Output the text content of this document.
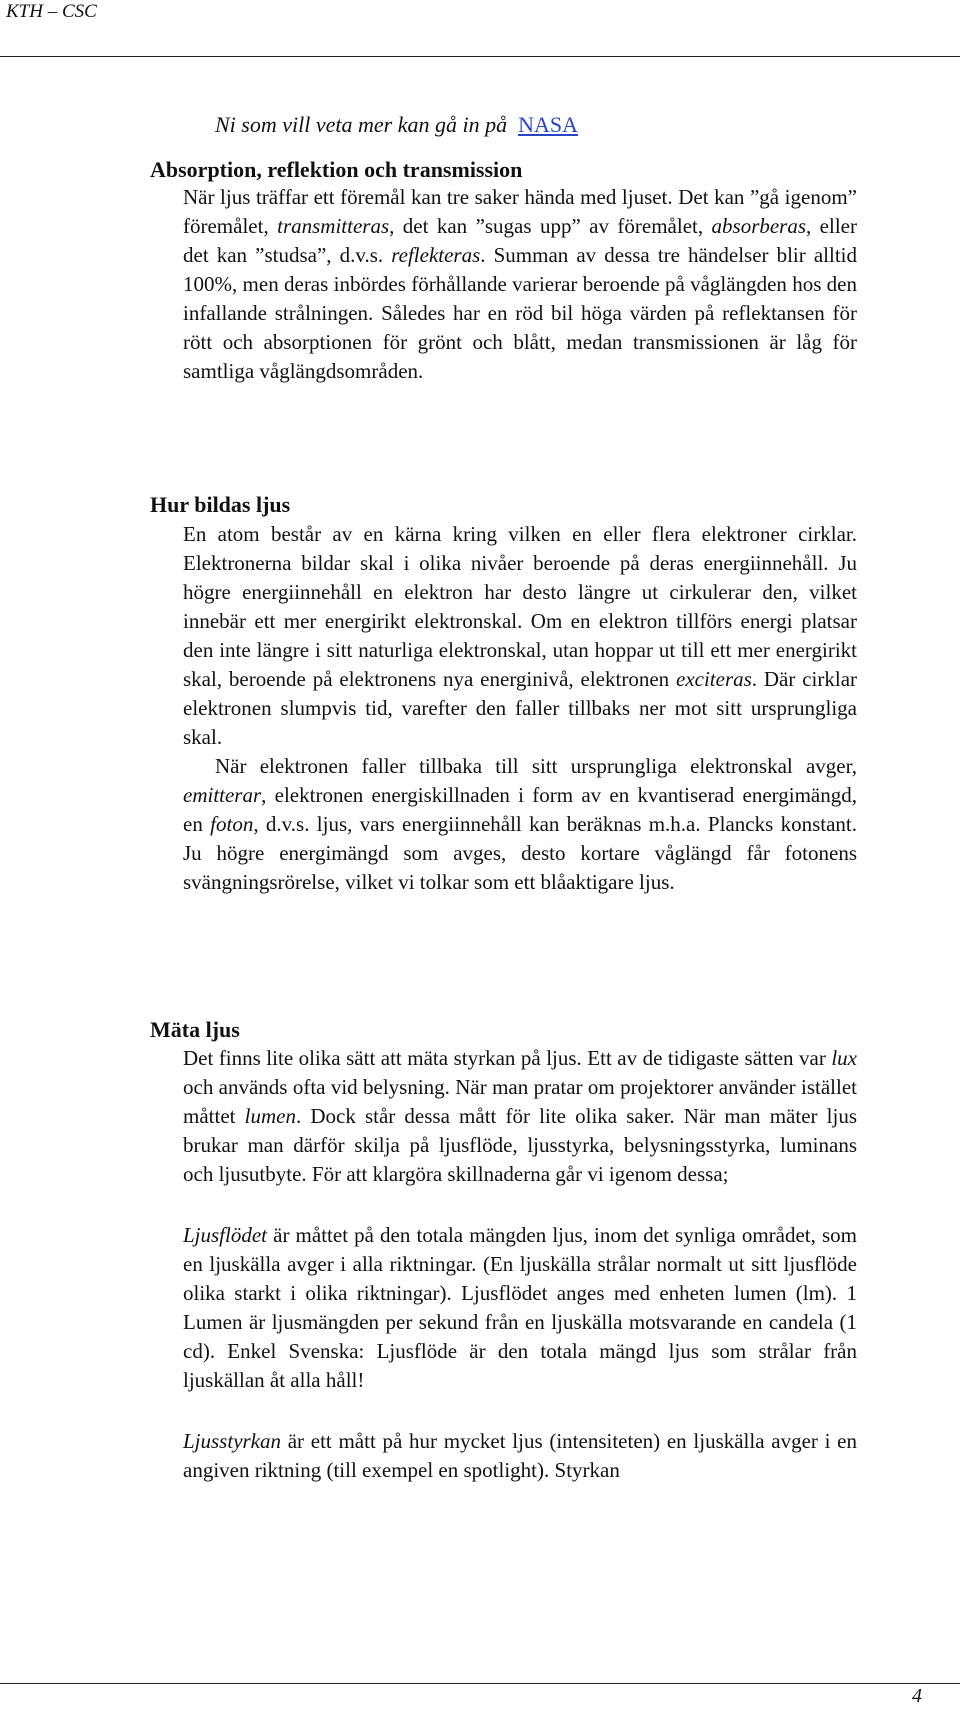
KTH – CSC
Ni som vill veta mer kan gå in på NASA
Absorption, reflektion och transmission

När ljus träffar ett föremål kan tre saker hända med ljuset. Det kan ”gå igenom” föremålet, transmitteras, det kan ”sugas upp” av föremålet, absorberas, eller det kan ”studsa”, d.v.s. reflekteras. Summan av dessa tre händelser blir alltid 100%, men deras inbördes förhållande varierar beroende på våglängden hos den infallande strålningen. Således har en röd bil höga värden på reflektansen för rött och absorptionen för grönt och blått, medan transmissionen är låg för samtliga våglängdsområden.

Hur bildas ljus

En atom består av en kärna kring vilken en eller flera elektroner cirklar. Elektronerna bildar skal i olika nivåer beroende på deras energiinnehåll. Ju högre energiinnehåll en elektron har desto längre ut cirkulerar den, vilket innebär ett mer energirikt elektronskal. Om en elektron tillförs energi platsar den inte längre i sitt naturliga elektronskal, utan hoppar ut till ett mer energirikt skal, beroende på elektronens nya energinivå, elektronen exciteras. Där cirklar elektronen slumpvis tid, varefter den faller tillbaks ner mot sitt ursprungliga skal.

När elektronen faller tillbaka till sitt ursprungliga elektronskal avger, emitterar, elektronen energiskillnaden i form av en kvantiserad energimängd, en foton, d.v.s. ljus, vars energiinnehåll kan beräknas m.h.a. Plancks konstant. Ju högre energimängd som avges, desto kortare våglängd får fotonens svängningsrörelse, vilket vi tolkar som ett blåaktigare ljus.

Mäta ljus

Det finns lite olika sätt att mäta styrkan på ljus. Ett av de tidigaste sätten var lux och används ofta vid belysning. När man pratar om projektorer använder istället måttet lumen. Dock står dessa mått för lite olika saker. När man mäter ljus brukar man därför skilja på ljusflöde, ljusstyrka, belysningsstyrka, luminans och ljusutbyte. För att klargöra skillnaderna går vi igenom dessa;

Ljusflödet är måttet på den totala mängden ljus, inom det synliga området, som en ljuskälla avger i alla riktningar. (En ljuskälla strålar normalt ut sitt ljusflöde olika starkt i olika riktningar). Ljusflödet anges med enheten lumen (lm). 1 Lumen är ljusmängden per sekund från en ljuskälla motsvarande en candela (1 cd). Enkel Svenska: Ljusflöde är den totala mängd ljus som strålar från ljuskällan åt alla håll!

Ljusstyrkan är ett mått på hur mycket ljus (intensiteten) en ljuskälla avger i en angiven riktning (till exempel en spotlight). Styrkan

4
